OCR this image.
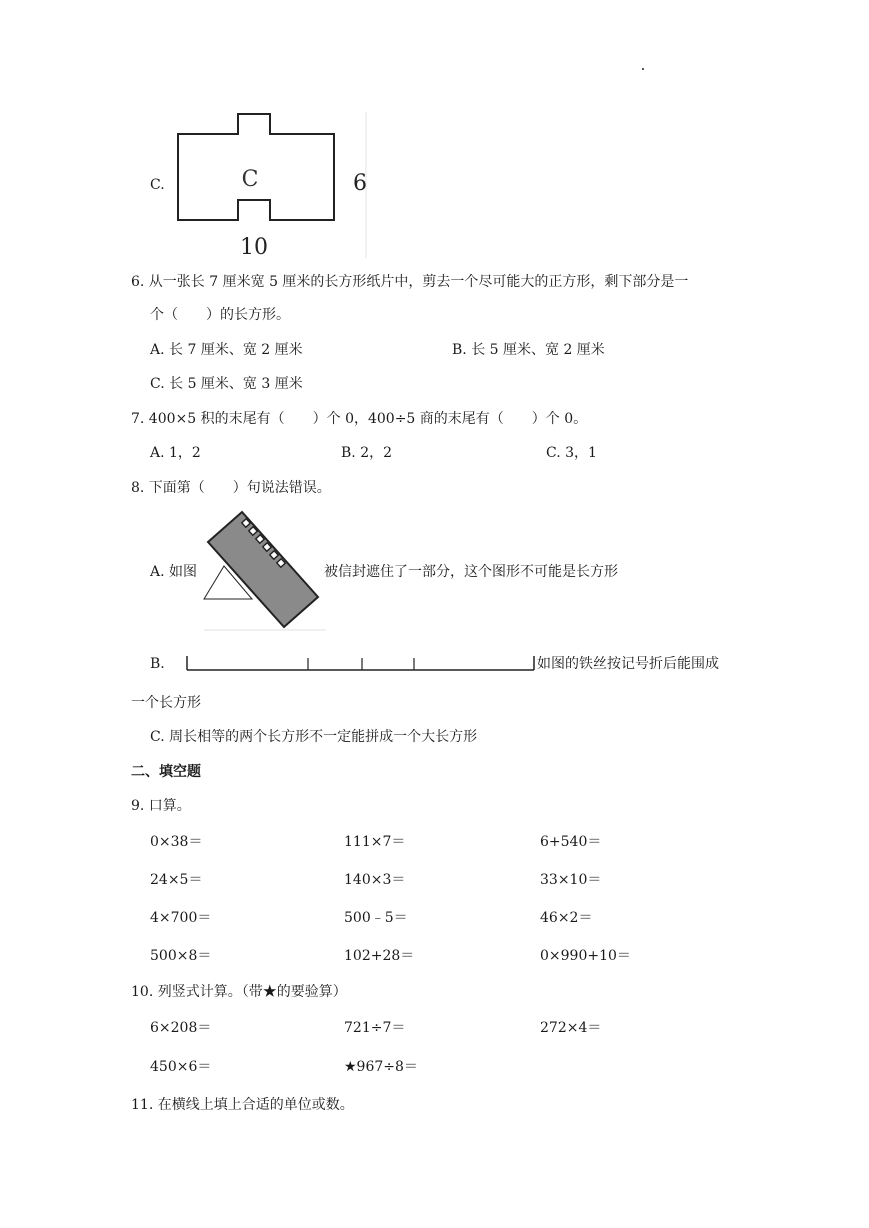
C.	C	6
10
6. 从一张长 7 厘米宽 5 厘米的长方形纸片中，剪去一个尽可能大的正方形，剩下部分是一
个（　　）的长方形。
A. 长 7 厘米、宽 2 厘米	B. 长 5 厘米、宽 2 厘米
C. 长 5 厘米、宽 3 厘米
7. 400×5 积的末尾有（　　）个 0，400÷5 商的末尾有（　　）个 0。
A. 1，2	B. 2，2	C. 3，1
8. 下面第（　　）句说法错误。
A. 如图	被信封遮住了一部分，这个图形不可能是长方形
B.	如图的铁丝按记号折后能围成
一个长方形
C. 周长相等的两个长方形不一定能拼成一个大长方形
二、填空题
9. 口算。
0×38＝	111×7＝	6+540＝
24×5＝	140×3＝	33×10＝
4×700＝	500﹣5＝	46×2＝
500×8＝	102+28＝	0×990+10＝
10. 列竖式计算。（带★的要验算）
6×208＝	721÷7＝	272×4＝
450×6＝	★967÷8＝
11. 在横线上填上合适的单位或数。
